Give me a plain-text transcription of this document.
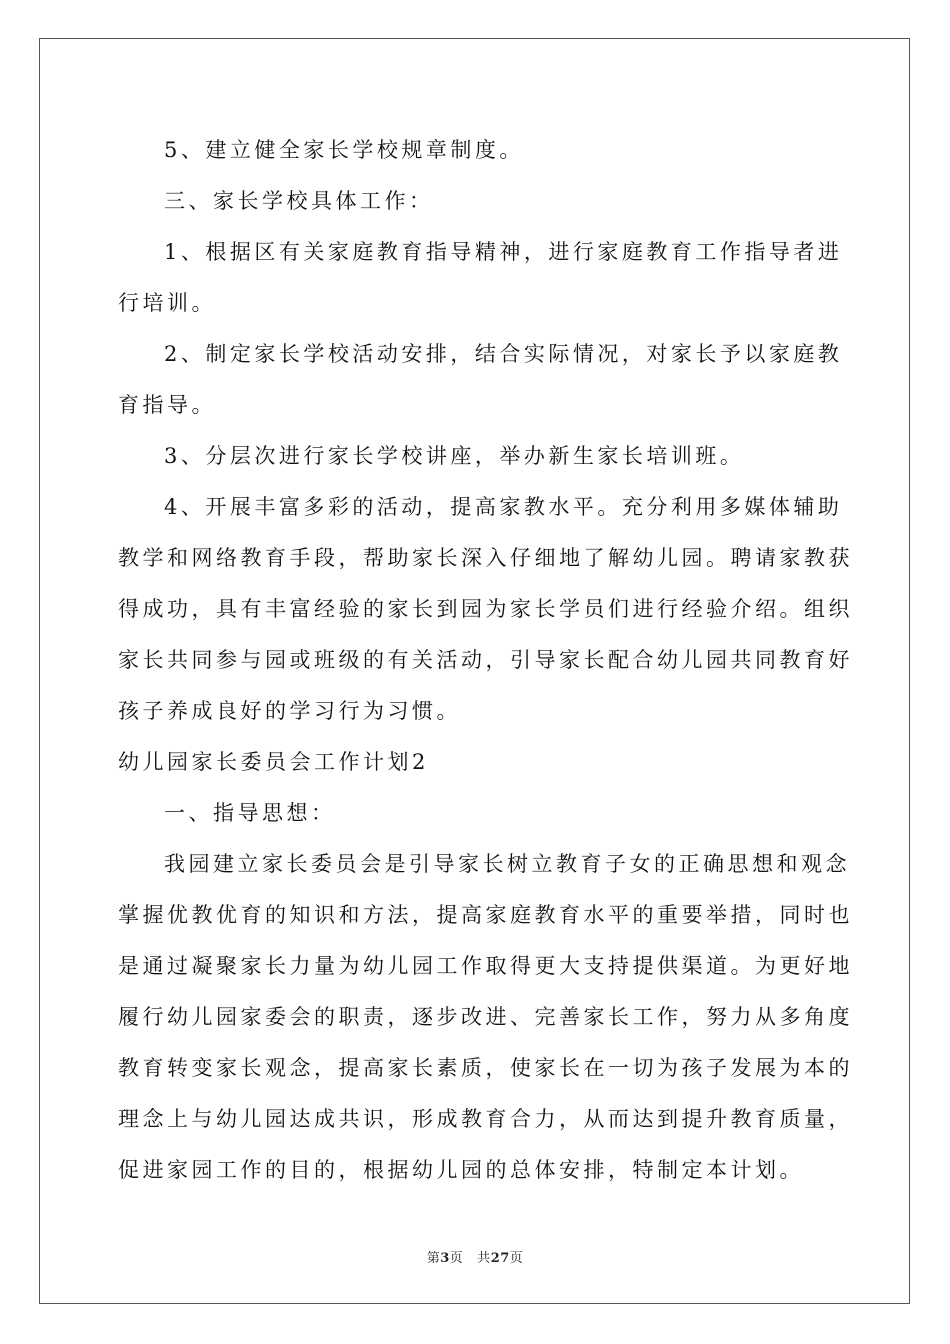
5、建立健全家长学校规章制度。
三、家长学校具体工作：
1、根据区有关家庭教育指导精神，进行家庭教育工作指导者进
行培训。
2、制定家长学校活动安排，结合实际情况，对家长予以家庭教
育指导。
3、分层次进行家长学校讲座，举办新生家长培训班。
4、开展丰富多彩的活动，提高家教水平。充分利用多媒体辅助
教学和网络教育手段，帮助家长深入仔细地了解幼儿园。聘请家教获
得成功，具有丰富经验的家长到园为家长学员们进行经验介绍。组织
家长共同参与园或班级的有关活动，引导家长配合幼儿园共同教育好
孩子养成良好的学习行为习惯。
幼儿园家长委员会工作计划2
一、指导思想：
我园建立家长委员会是引导家长树立教育子女的正确思想和观念
掌握优教优育的知识和方法，提高家庭教育水平的重要举措，同时也
是通过凝聚家长力量为幼儿园工作取得更大支持提供渠道。为更好地
履行幼儿园家委会的职责，逐步改进、完善家长工作，努力从多角度
教育转变家长观念，提高家长素质，使家长在一切为孩子发展为本的
理念上与幼儿园达成共识，形成教育合力，从而达到提升教育质量，
促进家园工作的目的，根据幼儿园的总体安排，特制定本计划。
第3页 共27页
